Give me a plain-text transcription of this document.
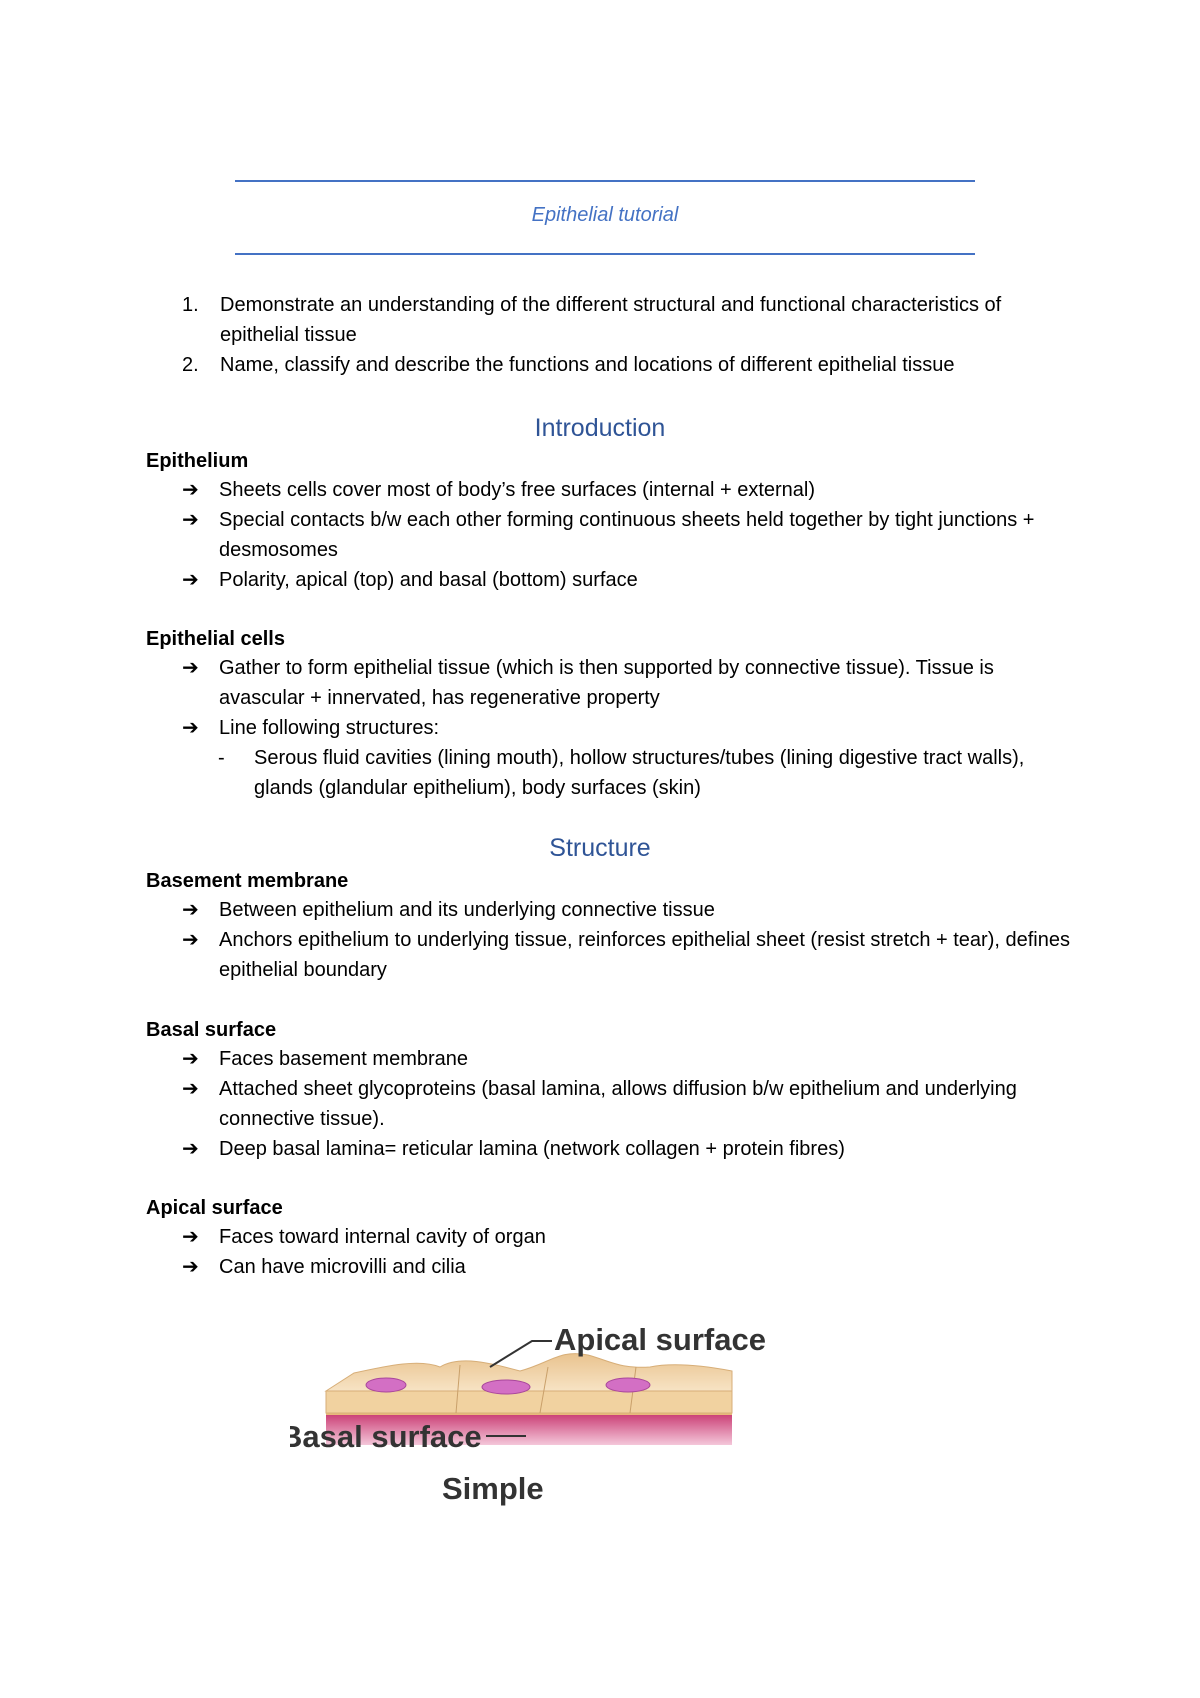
Epithelial tutorial
1. Demonstrate an understanding of the different structural and functional characteristics of epithelial tissue
2. Name, classify and describe the functions and locations of different epithelial tissue
Introduction
Epithelium
➔ Sheets cells cover most of body’s free surfaces (internal + external)
➔ Special contacts b/w each other forming continuous sheets held together by tight junctions + desmosomes
➔ Polarity, apical (top) and basal (bottom) surface
Epithelial cells
➔ Gather to form epithelial tissue (which is then supported by connective tissue). Tissue is avascular + innervated, has regenerative property
➔ Line following structures:
- Serous fluid cavities (lining mouth), hollow structures/tubes (lining digestive tract walls), glands (glandular epithelium), body surfaces (skin)
Structure
Basement membrane
➔ Between epithelium and its underlying connective tissue
➔ Anchors epithelium to underlying tissue, reinforces epithelial sheet (resist stretch + tear), defines epithelial boundary
Basal surface
➔ Faces basement membrane
➔ Attached sheet glycoproteins (basal lamina, allows diffusion b/w epithelium and underlying connective tissue).
➔ Deep basal lamina= reticular lamina (network collagen + protein fibres)
Apical surface
➔ Faces toward internal cavity of organ
➔ Can have microvilli and cilia
Apical surface
Basal surface
Simple
